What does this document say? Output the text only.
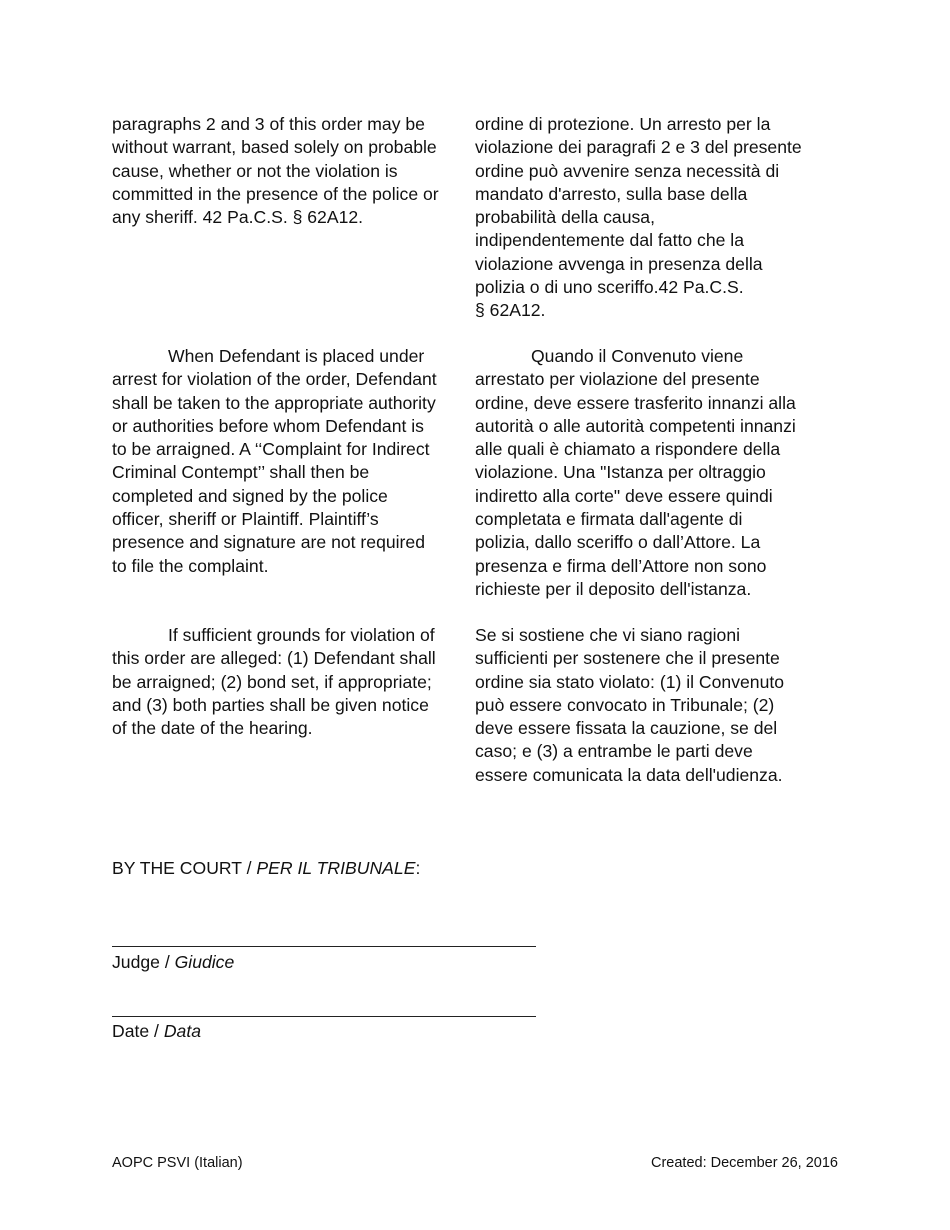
paragraphs 2 and 3 of this order may be
without warrant, based solely on probable
cause, whether or not the violation is
committed in the presence of the police or
any sheriff. 42 Pa.C.S. § 62A12.

When Defendant is placed under
arrest for violation of the order, Defendant
shall be taken to the appropriate authority
or authorities before whom Defendant is
to be arraigned. A ‘‘Complaint for Indirect
Criminal Contempt’’ shall then be
completed and signed by the police
officer, sheriff or Plaintiff. Plaintiff’s
presence and signature are not required
to file the complaint.

If sufficient grounds for violation of
this order are alleged: (1) Defendant shall
be arraigned; (2) bond set, if appropriate;
and (3) both parties shall be given notice
of the date of the hearing.

ordine di protezione. Un arresto per la
violazione dei paragrafi 2 e 3 del presente
ordine può avvenire senza necessità di
mandato d'arresto, sulla base della
probabilità della causa,
indipendentemente dal fatto che la
violazione avvenga in presenza della
polizia o di uno sceriffo.42 Pa.C.S.
§ 62A12.

Quando il Convenuto viene
arrestato per violazione del presente
ordine, deve essere trasferito innanzi alla
autorità o alle autorità competenti innanzi
alle quali è chiamato a rispondere della
violazione. Una "Istanza per oltraggio
indiretto alla corte" deve essere quindi
completata e firmata dall'agente di
polizia, dallo sceriffo o dall’Attore. La
presenza e firma dell’Attore non sono
richieste per il deposito dell'istanza.

Se si sostiene che vi siano ragioni
sufficienti per sostenere che il presente
ordine sia stato violato: (1) il Convenuto
può essere convocato in Tribunale; (2)
deve essere fissata la cauzione, se del
caso; e (3) a entrambe le parti deve
essere comunicata la data dell'udienza.

BY THE COURT / PER IL TRIBUNALE:
Judge / Giudice
Date / Data
AOPC PSVI (Italian)	Created: December 26, 2016
